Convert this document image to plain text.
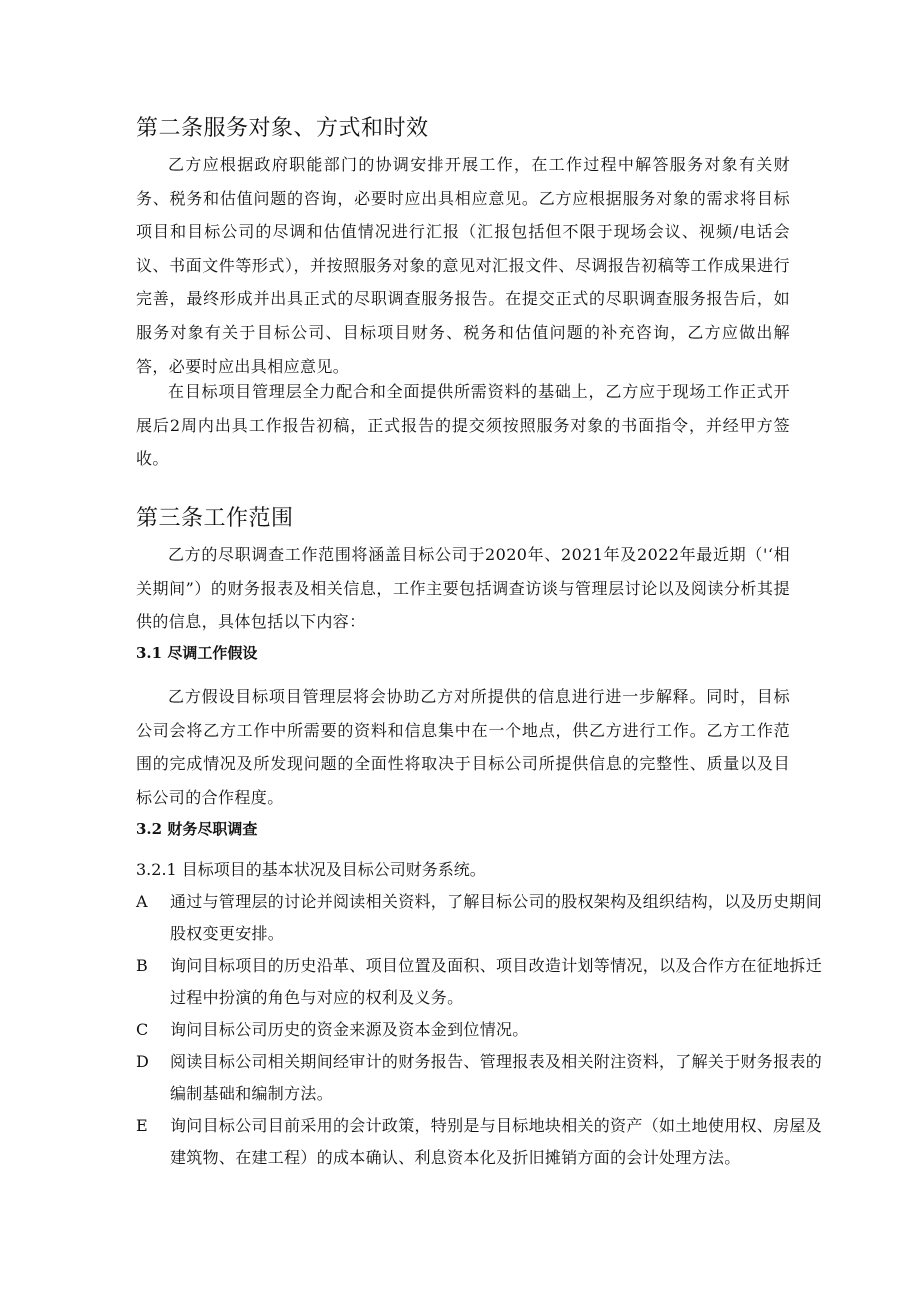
第二条服务对象、方式和时效
乙方应根据政府职能部门的协调安排开展工作，在工作过程中解答服务对象有关财务、税务和估值问题的咨询，必要时应出具相应意见。乙方应根据服务对象的需求将目标项目和目标公司的尽调和估值情况进行汇报（汇报包括但不限于现场会议、视频/电话会议、书面文件等形式），并按照服务对象的意见对汇报文件、尽调报告初稿等工作成果进行完善，最终形成并出具正式的尽职调查服务报告。在提交正式的尽职调查服务报告后，如服务对象有关于目标公司、目标项目财务、税务和估值问题的补充咨询，乙方应做出解答，必要时应出具相应意见。
在目标项目管理层全力配合和全面提供所需资料的基础上，乙方应于现场工作正式开展后2周内出具工作报告初稿，正式报告的提交须按照服务对象的书面指令，并经甲方签收。
第三条工作范围
乙方的尽职调查工作范围将涵盖目标公司于2020年、2021年及2022年最近期（'‘相关期间”）的财务报表及相关信息，工作主要包括调查访谈与管理层讨论以及阅读分析其提供的信息，具体包括以下内容：
3.1 尽调工作假设
乙方假设目标项目管理层将会协助乙方对所提供的信息进行进一步解释。同时，目标公司会将乙方工作中所需要的资料和信息集中在一个地点，供乙方进行工作。乙方工作范围的完成情况及所发现问题的全面性将取决于目标公司所提供信息的完整性、质量以及目标公司的合作程度。
3.2 财务尽职调查
3.2.1 目标项目的基本状况及目标公司财务系统。
A 通过与管理层的讨论并阅读相关资料，了解目标公司的股权架构及组织结构，以及历史期间股权变更安排。
B 询问目标项目的历史沿革、项目位置及面积、项目改造计划等情况，以及合作方在征地拆迁过程中扮演的角色与对应的权利及义务。
C 询问目标公司历史的资金来源及资本金到位情况。
D 阅读目标公司相关期间经审计的财务报告、管理报表及相关附注资料，了解关于财务报表的编制基础和编制方法。
E 询问目标公司目前采用的会计政策，特别是与目标地块相关的资产（如土地使用权、房屋及建筑物、在建工程）的成本确认、利息资本化及折旧摊销方面的会计处理方法。
